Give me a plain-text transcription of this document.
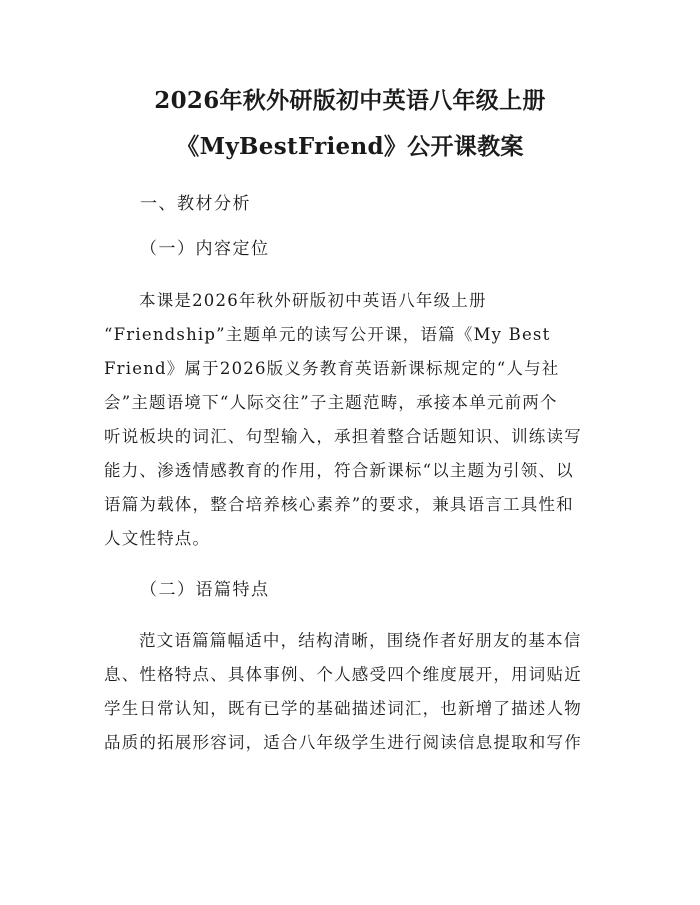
2026年秋外研版初中英语八年级上册
《MyBestFriend》公开课教案
一、教材分析
（一）内容定位
本课是2026年秋外研版初中英语八年级上册
“Friendship”主题单元的读写公开课，语篇《My Best
Friend》属于2026版义务教育英语新课标规定的“人与社
会”主题语境下“人际交往”子主题范畴，承接本单元前两个
听说板块的词汇、句型输入，承担着整合话题知识、训练读写
能力、渗透情感教育的作用，符合新课标“以主题为引领、以
语篇为载体，整合培养核心素养”的要求，兼具语言工具性和
人文性特点。
（二）语篇特点
范文语篇篇幅适中，结构清晰，围绕作者好朋友的基本信
息、性格特点、具体事例、个人感受四个维度展开，用词贴近
学生日常认知，既有已学的基础描述词汇，也新增了描述人物
品质的拓展形容词，适合八年级学生进行阅读信息提取和写作
